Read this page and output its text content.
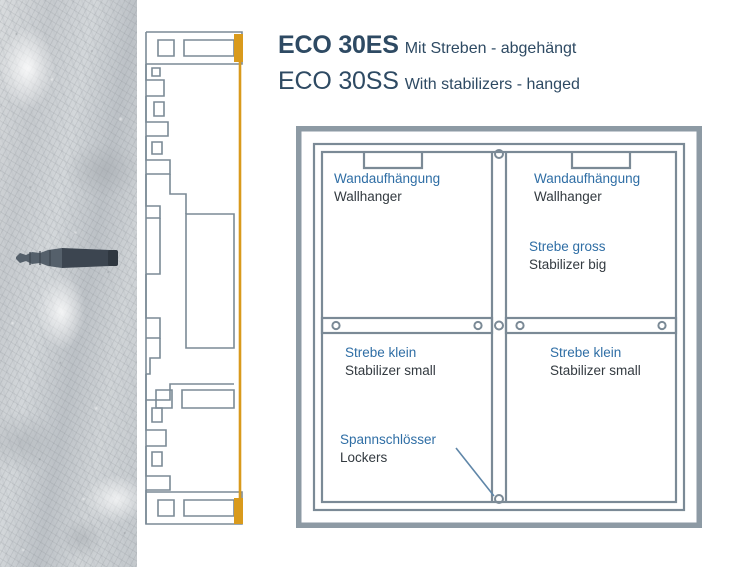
ECO 30ES Mit Streben - abgehängt
ECO 30SS With stabilizers - hanged
Wandaufhängung
Wallhanger
Wandaufhängung
Wallhanger
Strebe gross
Stabilizer big
Strebe klein
Stabilizer small
Strebe klein
Stabilizer small
Spannschlösser
Lockers
